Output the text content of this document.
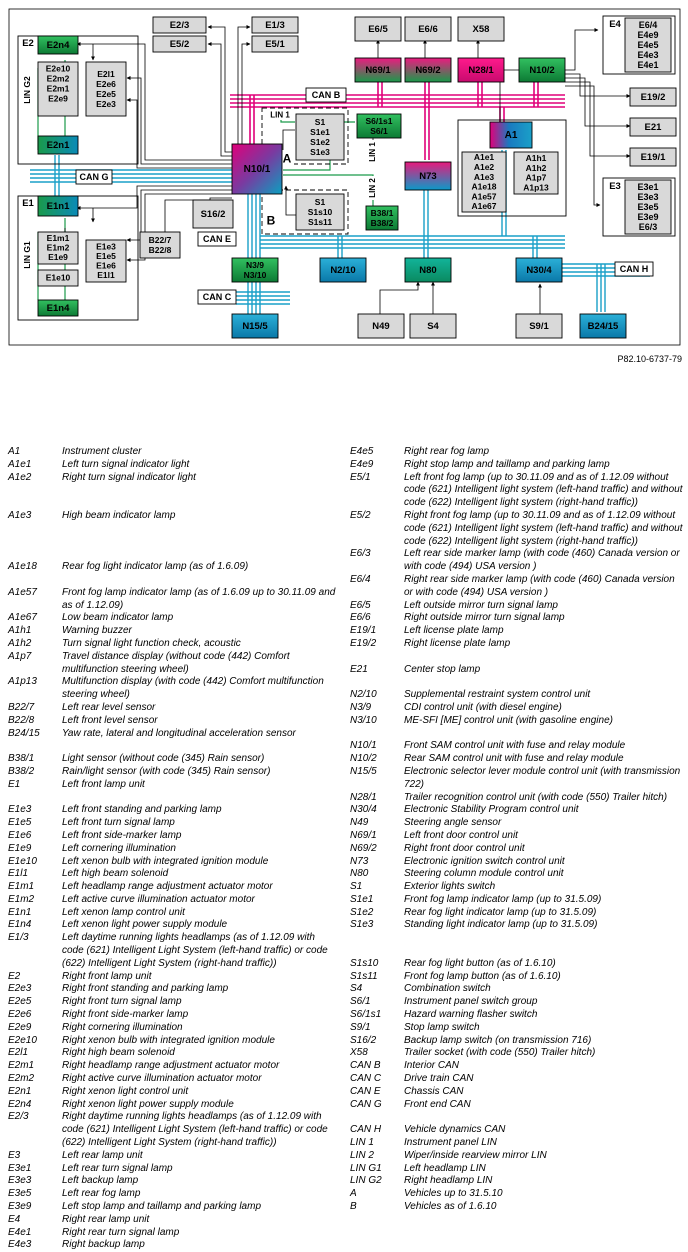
E2/3
E5/2
E1/3
E5/1
E6/5	E6/6	X58
N69/1	N69/2	N28/1	N10/2
E4 E6/4
E4e9
E4e5
E4e3
E4e1
E19/2
E21
E19/1
E3 E3e1
E3e3
E3e5
E3e9
E6/3
E2 E2n4
E2e10
E2m2
E2m1
E2e9
E2l1
E2e6
E2e5
E2e3
LIN G2
E2n1
CAN B
LIN 1
S1
S1e1
S1e2
S1e3
S6/1s1
S6/1
A
N10/1
CAN G
A1
A1e1
A1e2
A1e3
A1e18
A1e57
A1e67
A1h1
A1h2
A1p7
A1p13
N73
LIN 1
LIN 2
E1 E1n1
E1m1
E1m2
E1e9
E1e3
E1e5
E1e6
E1l1
E1e10
LIN G1
E1n4
B22/7
B22/8
S16/2
S1
S1s10
S1s11
B
B38/1
B38/2
CAN E
N3/9
N3/10	N2/10	N80	N30/4	CAN H
CAN C
N15/5	N49	S4	S9/1	B24/15
P82.10-6737-79
A1	Instrument cluster
A1e1	Left turn signal indicator light
A1e2	Right turn signal indicator light

A1e3	High beam indicator lamp

A1e18	Rear fog light indicator lamp (as of 1.6.09)

A1e57	Front fog lamp indicator lamp (as of 1.6.09 up to 30.11.09 and as of 1.12.09)
A1e67	Low beam indicator lamp
A1h1	Warning buzzer
A1h2	Turn signal light function check, acoustic
A1p7	Travel distance display (without code (442) Comfort multifunction steering wheel)
A1p13	Multifunction display (with code (442) Comfort multifunction steering wheel)
B22/7	Left rear level sensor
B22/8	Left front level sensor
B24/15	Yaw rate, lateral and longitudinal acceleration sensor

B38/1	Light sensor (without code (345) Rain sensor)
B38/2	Rain/light sensor (with code (345) Rain sensor)
E1	Left front lamp unit

E1e3	Left front standing and parking lamp
E1e5	Left front turn signal lamp
E1e6	Left front side-marker lamp
E1e9	Left cornering illumination
E1e10	Left xenon bulb with integrated ignition module
E1l1	Left high beam solenoid
E1m1	Left headlamp range adjustment actuator motor
E1m2	Left active curve illumination actuator motor
E1n1	Left xenon lamp control unit
E1n4	Left xenon light power supply module
E1/3	Left daytime running lights headlamps (as of 1.12.09 with code (621) Intelligent Light System (left-hand traffic) or code (622) Intelligent Light System (right-hand traffic))
E2	Right front lamp unit
E2e3	Right front standing and parking lamp
E2e5	Right front turn signal lamp
E2e6	Right front side-marker lamp
E2e9	Right cornering illumination
E2e10	Right xenon bulb with integrated ignition module
E2l1	Right high beam solenoid
E2m1	Right headlamp range adjustment actuator motor
E2m2	Right active curve illumination actuator motor
E2n1	Right xenon light control unit
E2n4	Right xenon light power supply module
E2/3	Right daytime running lights headlamps (as of 1.12.09 with code (621) Intelligent Light System (left-hand traffic) or code (622) Intelligent Light System (right-hand traffic))
E3	Left rear lamp unit
E3e1	Left rear turn signal lamp
E3e3	Left backup lamp
E3e5	Left rear fog lamp
E3e9	Left stop lamp and taillamp and parking lamp
E4	Right rear lamp unit
E4e1	Right rear turn signal lamp
E4e3	Right backup lamp
E4e5	Right rear fog lamp
E4e9	Right stop lamp and taillamp and parking lamp
E5/1	Left front fog lamp (up to 30.11.09 and as of 1.12.09 without code (621) Intelligent light system (left-hand traffic) and without code (622) Intelligent light system (right-hand traffic))
E5/2	Right front fog lamp (up to 30.11.09 and as of 1.12.09 without code (621) Intelligent light system (left-hand traffic) and without code (622) Intelligent light system (right-hand traffic))
E6/3	Left rear side marker lamp (with code (460) Canada version or with code (494) USA version )
E6/4	Right rear side marker lamp (with code (460) Canada version or with code (494) USA version )
E6/5	Left outside mirror turn signal lamp
E6/6	Right outside mirror turn signal lamp
E19/1	Left license plate lamp
E19/2	Right license plate lamp

E21	Center stop lamp

N2/10	Supplemental restraint system control unit
N3/9	CDI control unit (with diesel engine)
N3/10	ME-SFI [ME] control unit (with gasoline engine)

N10/1	Front SAM control unit with fuse and relay module
N10/2	Rear SAM control unit with fuse and relay module
N15/5	Electronic selector lever module control unit (with transmission 722)
N28/1	Trailer recognition control unit (with code (550) Trailer hitch)
N30/4	Electronic Stability Program control unit
N49	Steering angle sensor
N69/1	Left front door control unit
N69/2	Right front door control unit
N73	Electronic ignition switch control unit
N80	Steering column module control unit
S1	Exterior lights switch
S1e1	Front fog lamp indicator lamp (up to 31.5.09)
S1e2	Rear fog light indicator lamp (up to 31.5.09)
S1e3	Standing light indicator lamp (up to 31.5.09)

S1s10	Rear fog light button (as of 1.6.10)
S1s11	Front fog lamp button (as of 1.6.10)
S4	Combination switch
S6/1	Instrument panel switch group
S6/1s1	Hazard warning flasher switch
S9/1	Stop lamp switch
S16/2	Backup lamp switch (on transmission 716)
X58	Trailer socket (with code (550) Trailer hitch)
CAN B	Interior CAN
CAN C	Drive train CAN
CAN E	Chassis CAN
CAN G	Front end CAN

CAN H	Vehicle dynamics CAN
LIN 1	Instrument panel LIN
LIN 2	Wiper/inside rearview mirror LIN
LIN G1	Left headlamp LIN
LIN G2	Right headlamp LIN
A	Vehicles up to 31.5.10
B	Vehicles as of 1.6.10
